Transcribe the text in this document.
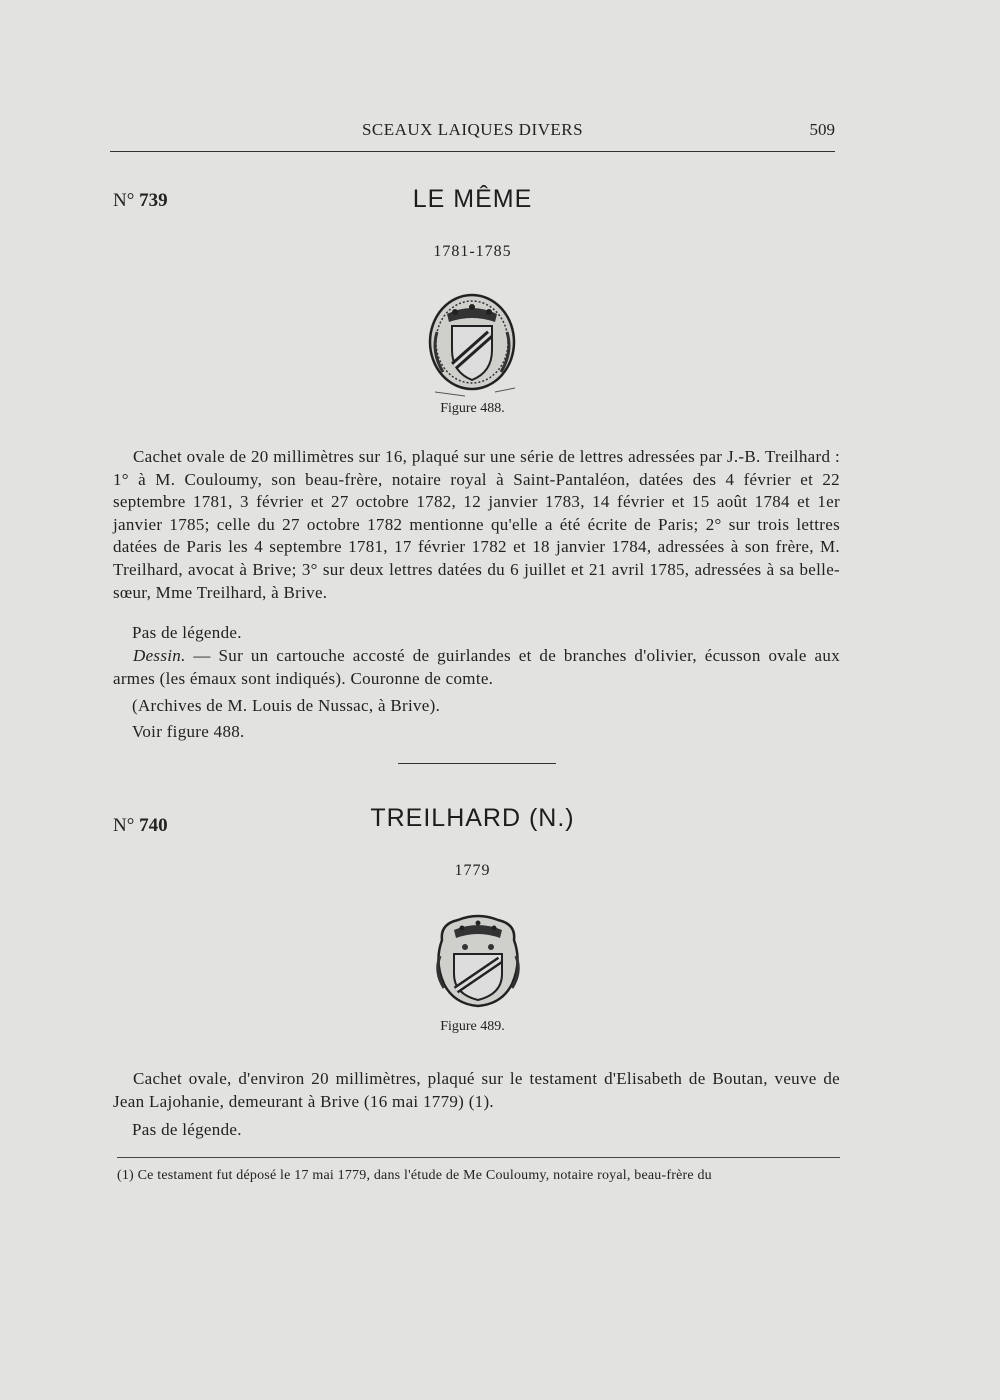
SCEAUX LAIQUES DIVERS	509
N° 739	LE MÊME
1781-1785
Figure 488.

Cachet ovale de 20 millimètres sur 16, plaqué sur une série de lettres adressées par J.-B. Treilhard : 1° à M. Couloumy, son beau-frère, notaire royal à Saint-Pantaléon, datées des 4 février et 22 septembre 1781, 3 février et 27 octobre 1782, 12 janvier 1783, 14 février et 15 août 1784 et 1er janvier 1785; celle du 27 octobre 1782 mentionne qu'elle a été écrite de Paris; 2° sur trois lettres datées de Paris les 4 septembre 1781, 17 février 1782 et 18 janvier 1784, adressées à son frère, M. Treilhard, avocat à Brive; 3° sur deux lettres datées du 6 juillet et 21 avril 1785, adressées à sa belle-sœur, Mme Treilhard, à Brive.

Pas de légende.

Dessin. — Sur un cartouche accosté de guirlandes et de branches d'olivier, écusson ovale aux armes (les émaux sont indiqués). Couronne de comte.

(Archives de M. Louis de Nussac, à Brive).

Voir figure 488.

N° 740	TREILHARD (N.)
1779
Figure 489.

Cachet ovale, d'environ 20 millimètres, plaqué sur le testament d'Elisabeth de Boutan, veuve de Jean Lajohanie, demeurant à Brive (16 mai 1779) (1).

Pas de légende.

(1) Ce testament fut déposé le 17 mai 1779, dans l'étude de Me Couloumy, notaire royal, beau-frère du
